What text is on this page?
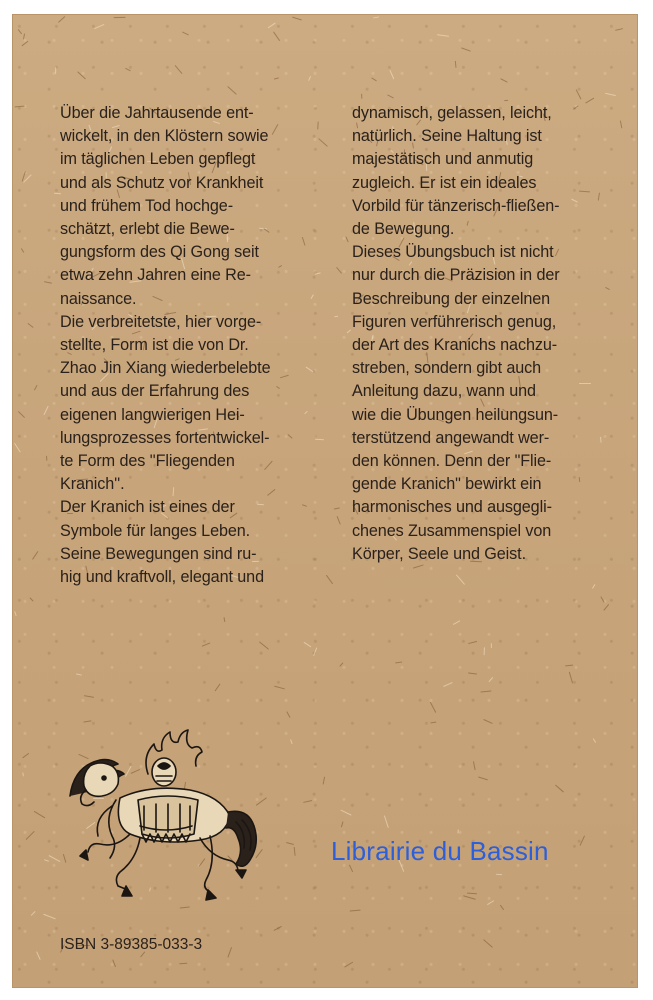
Über die Jahrtausende ent-
wickelt, in den Klöstern sowie
im täglichen Leben gepflegt
und als Schutz vor Krankheit
und frühem Tod hochge-
schätzt, erlebt die Bewe-
gungsform des Qi Gong seit
etwa zehn Jahren eine Re-
naissance.
Die verbreitetste, hier vorge-
stellte, Form ist die von Dr.
Zhao Jin Xiang wiederbelebte
und aus der Erfahrung des
eigenen langwierigen Hei-
lungsprozesses fortentwickel-
te Form des ''Fliegenden
Kranich''.
Der Kranich ist eines der
Symbole für langes Leben.
Seine Bewegungen sind ru-
hig und kraftvoll, elegant und
dynamisch, gelassen, leicht,
natürlich. Seine Haltung ist
majestätisch und anmutig
zugleich. Er ist ein ideales
Vorbild für tänzerisch-fließen-
de Bewegung.
Dieses Übungsbuch ist nicht
nur durch die Präzision in der
Beschreibung der einzelnen
Figuren verführerisch genug,
der Art des Kranichs nachzu-
streben, sondern gibt auch
Anleitung dazu, wann und
wie die Übungen heilungsun-
terstützend angewandt wer-
den können. Denn der "Flie-
gende Kranich" bewirkt ein
harmonisches und ausgegli-
chenes Zusammenspiel von
Körper, Seele und Geist.
ISBN 3-89385-033-3
Librairie du Bassin
